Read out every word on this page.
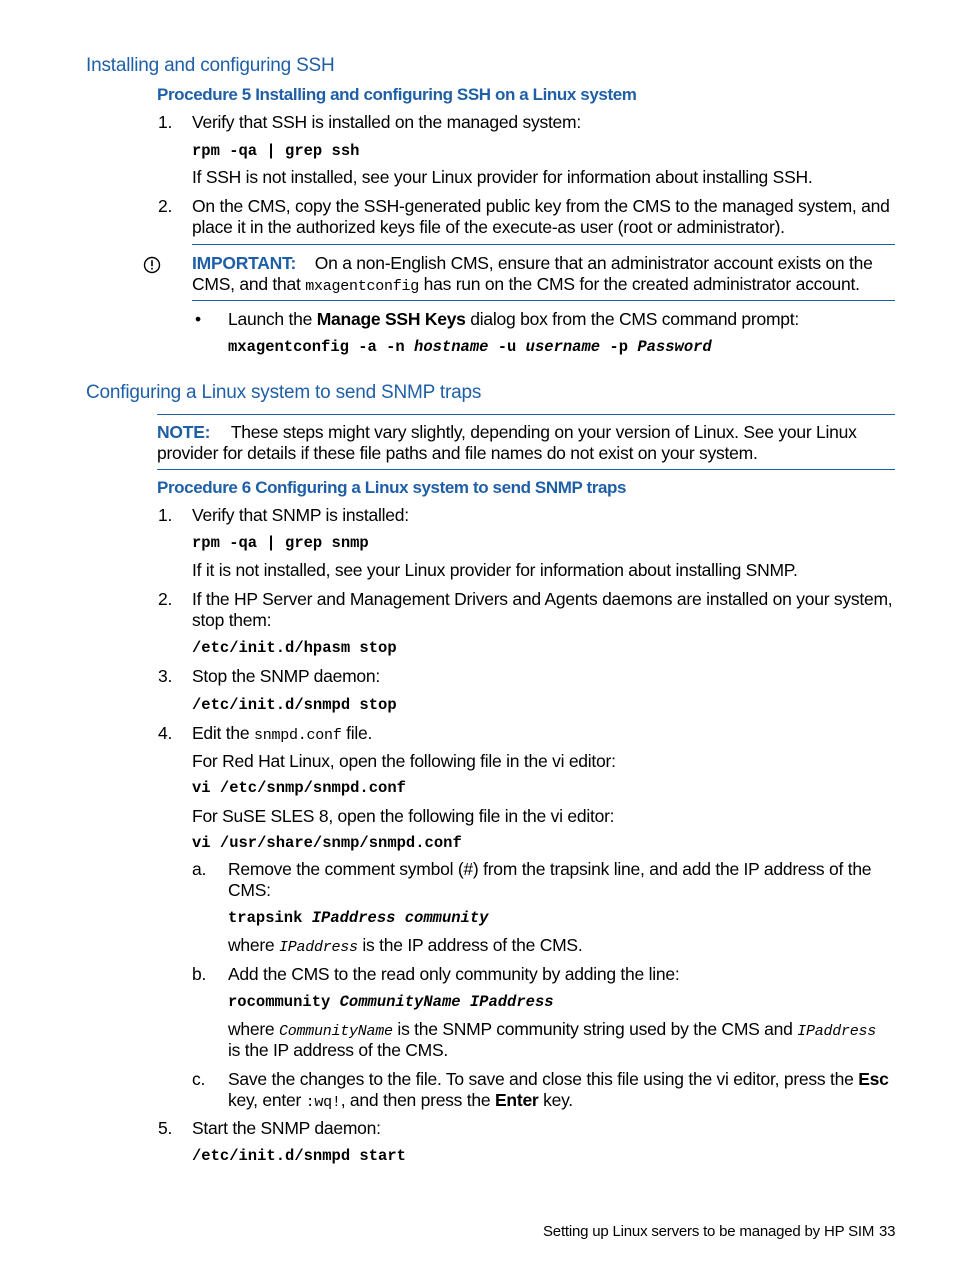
Installing and configuring SSH
Procedure 5 Installing and configuring SSH on a Linux system
1. Verify that SSH is installed on the managed system:
rpm -qa | grep ssh
If SSH is not installed, see your Linux provider for information about installing SSH.
2. On the CMS, copy the SSH-generated public key from the CMS to the managed system, and
place it in the authorized keys file of the execute-as user (root or administrator).
IMPORTANT: On a non-English CMS, ensure that an administrator account exists on the
CMS, and that mxagentconfig has run on the CMS for the created administrator account.
• Launch the Manage SSH Keys dialog box from the CMS command prompt:
mxagentconfig -a -n hostname -u username -p Password
Configuring a Linux system to send SNMP traps
NOTE: These steps might vary slightly, depending on your version of Linux. See your Linux
provider for details if these file paths and file names do not exist on your system.
Procedure 6 Configuring a Linux system to send SNMP traps
1. Verify that SNMP is installed:
rpm -qa | grep snmp
If it is not installed, see your Linux provider for information about installing SNMP.
2. If the HP Server and Management Drivers and Agents daemons are installed on your system,
stop them:
/etc/init.d/hpasm stop
3. Stop the SNMP daemon:
/etc/init.d/snmpd stop
4. Edit the snmpd.conf file.
For Red Hat Linux, open the following file in the vi editor:
vi /etc/snmp/snmpd.conf
For SuSE SLES 8, open the following file in the vi editor:
vi /usr/share/snmp/snmpd.conf
a. Remove the comment symbol (#) from the trapsink line, and add the IP address of the
CMS:
trapsink IPaddress community
where IPaddress is the IP address of the CMS.
b. Add the CMS to the read only community by adding the line:
rocommunity CommunityName IPaddress
where CommunityName is the SNMP community string used by the CMS and IPaddress
is the IP address of the CMS.
c. Save the changes to the file. To save and close this file using the vi editor, press the Esc
key, enter :wq!, and then press the Enter key.
5. Start the SNMP daemon:
/etc/init.d/snmpd start
Setting up Linux servers to be managed by HP SIM 33
